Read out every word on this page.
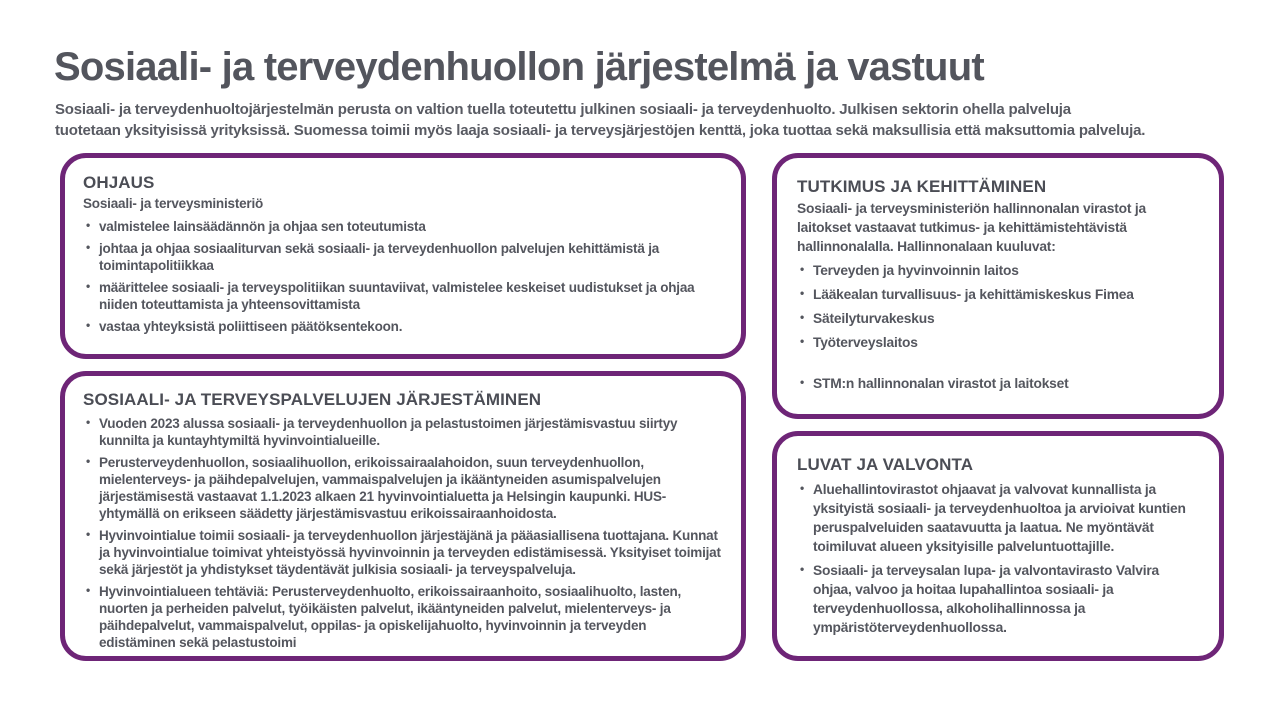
Sosiaali- ja terveydenhuollon järjestelmä ja vastuut
Sosiaali- ja terveydenhuoltojärjestelmän perusta on valtion tuella toteutettu julkinen sosiaali- ja terveydenhuolto. Julkisen sektorin ohella palveluja
tuotetaan yksityisissä yrityksissä. Suomessa toimii myös laaja sosiaali- ja terveysjärjestöjen kenttä, joka tuottaa sekä maksullisia että maksuttomia palveluja.
OHJAUS

Sosiaali- ja terveysministeriö

• valmistelee lainsäädännön ja ohjaa sen toteutumista
• johtaa ja ohjaa sosiaaliturvan sekä sosiaali- ja terveydenhuollon palvelujen kehittämistä ja toimintapolitiikkaa
• määrittelee sosiaali- ja terveyspolitiikan suuntaviivat, valmistelee keskeiset uudistukset ja ohjaa niiden toteuttamista ja yhteensovittamista
• vastaa yhteyksistä poliittiseen päätöksentekoon.
SOSIAALI- JA TERVEYSPALVELUJEN JÄRJESTÄMINEN
• Vuoden 2023 alussa sosiaali- ja terveydenhuollon ja pelastustoimen järjestämisvastuu siirtyy kunnilta ja kuntayhtymiltä hyvinvointialueille.
• Perusterveydenhuollon, sosiaalihuollon, erikoissairaalahoidon, suun terveydenhuollon, mielenterveys- ja päihdepalvelujen, vammaispalvelujen ja ikääntyneiden asumispalvelujen järjestämisestä vastaavat 1.1.2023 alkaen 21 hyvinvointialuetta ja Helsingin kaupunki. HUS-yhtymällä on erikseen säädetty järjestämisvastuu erikoissairaanhoidosta.
• Hyvinvointialue toimii sosiaali- ja terveydenhuollon järjestäjänä ja pääasiallisena tuottajana. Kunnat ja hyvinvointialue toimivat yhteistyössä hyvinvoinnin ja terveyden edistämisessä. Yksityiset toimijat sekä järjestöt ja yhdistykset täydentävät julkisia sosiaali- ja terveyspalveluja.
• Hyvinvointialueen tehtäviä: Perusterveydenhuolto, erikoissairaanhoito, sosiaalihuolto, lasten, nuorten ja perheiden palvelut, työikäisten palvelut, ikääntyneiden palvelut, mielenterveys- ja päihdepalvelut, vammaispalvelut, oppilas- ja opiskelijahuolto, hyvinvoinnin ja terveyden edistäminen sekä pelastustoimi
TUTKIMUS JA KEHITTÄMINEN

Sosiaali- ja terveysministeriön hallinnonalan virastot ja laitokset vastaavat tutkimus- ja kehittämistehtävistä hallinnonalalla. Hallinnonalaan kuuluvat:

• Terveyden ja hyvinvoinnin laitos
• Lääkealan turvallisuus- ja kehittämiskeskus Fimea
• Säteilyturvakeskus
• Työterveyslaitos
• STM:n hallinnonalan virastot ja laitokset
LUVAT JA VALVONTA
• Aluehallintovirastot ohjaavat ja valvovat kunnallista ja yksityistä sosiaali- ja terveydenhuoltoa ja arvioivat kuntien peruspalveluiden saatavuutta ja laatua. Ne myöntävät toimiluvat alueen yksityisille palveluntuottajille.
• Sosiaali- ja terveysalan lupa- ja valvontavirasto Valvira ohjaa, valvoo ja hoitaa lupahallintoa sosiaali- ja terveydenhuollossa, alkoholihallinnossa ja ympäristöterveydenhuollossa.
